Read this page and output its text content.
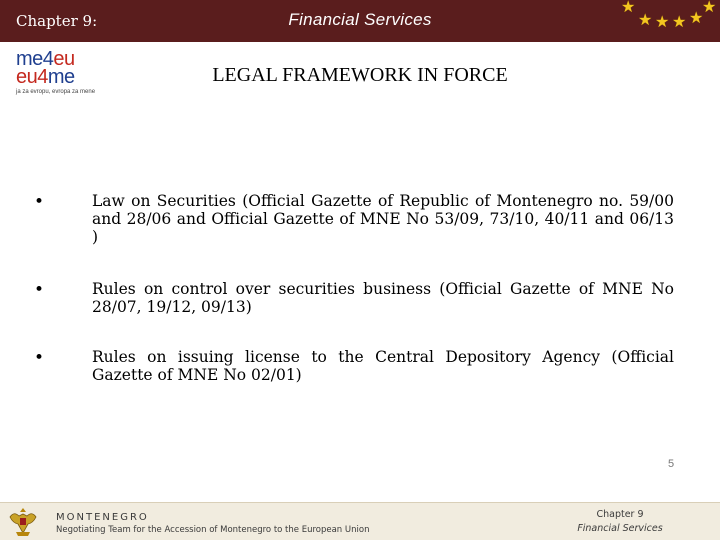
Chapter 9:	Financial Services
★
★ ★ ★ ★
★
me4eu
eu4me
ja za evropu, evropa za mene
LEGAL FRAMEWORK IN FORCE
•	Law on Securities (Official Gazette of Republic of Montenegro no. 59/00 and 28/06 and Official Gazette of MNE No 53/09, 73/10, 40/11 and 06/13 )
•	Rules on control over securities business (Official Gazette of MNE No 28/07, 19/12, 09/13)
•	Rules on issuing license to the Central Depository Agency (Official Gazette of MNE No 02/01)
5
MONTENEGRO
Negotiating Team for the Accession of Montenegro to the European Union
Chapter 9
Financial Services
